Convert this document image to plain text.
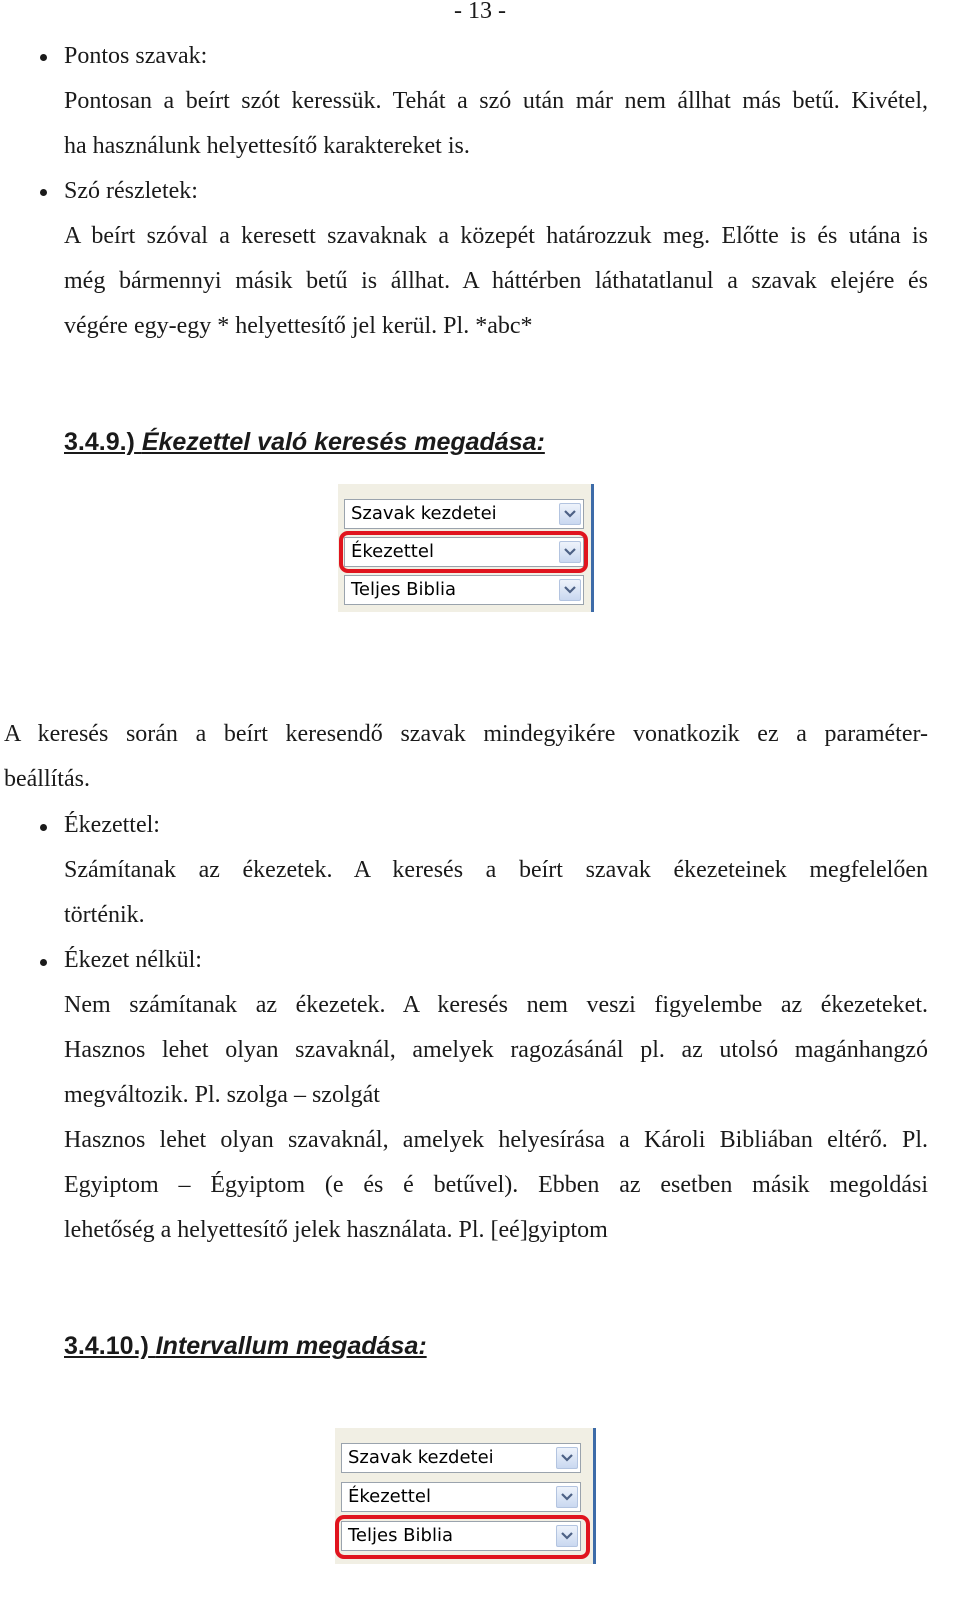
- 13 -
Pontos szavak:
Pontosan a beírt szót keressük. Tehát a szó után már nem állhat más betű. Kivétel,
ha használunk helyettesítő karaktereket is.
Szó részletek:
A beírt szóval a keresett szavaknak a közepét határozzuk meg. Előtte is és utána is
még bármennyi másik betű is állhat. A háttérben láthatatlanul a szavak elejére és
végére egy-egy * helyettesítő jel kerül. Pl. *abc*
3.4.9.) Ékezettel való keresés megadása:
Szavak kezdetei
Ékezettel
Teljes Biblia
A keresés során a beírt keresendő szavak mindegyikére vonatkozik ez a paraméter-
beállítás.
Ékezettel:
Számítanak az ékezetek. A keresés a beírt szavak ékezeteinek megfelelően
történik.
Ékezet nélkül:
Nem számítanak az ékezetek. A keresés nem veszi figyelembe az ékezeteket.
Hasznos lehet olyan szavaknál, amelyek ragozásánál pl. az utolsó magánhangzó
megváltozik. Pl. szolga – szolgát
Hasznos lehet olyan szavaknál, amelyek helyesírása a Károli Bibliában eltérő. Pl.
Egyiptom – Égyiptom (e és é betűvel). Ebben az esetben másik megoldási
lehetőség a helyettesítő jelek használata. Pl. [eé]gyiptom
3.4.10.) Intervallum megadása:
Szavak kezdetei
Ékezettel
Teljes Biblia
